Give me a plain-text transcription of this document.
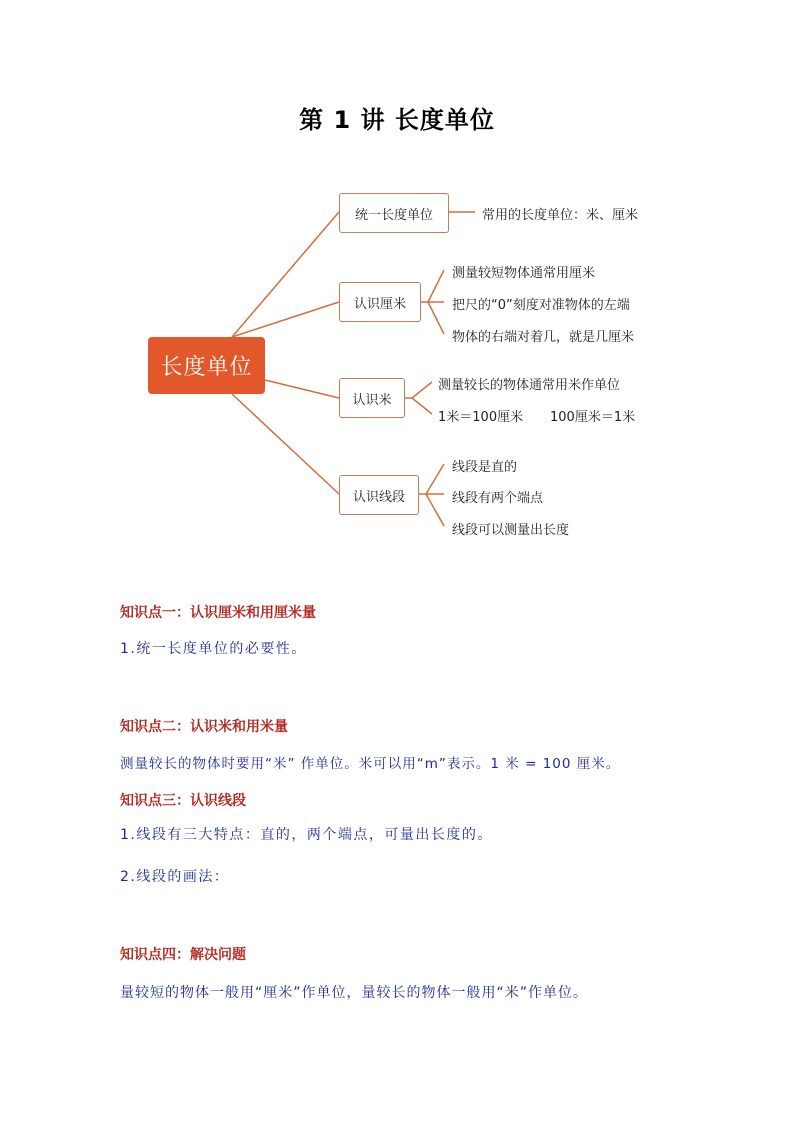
第 1 讲 长度单位
长度单位
统一长度单位
认识厘米
认识米
认识线段
常用的长度单位：米、厘米
测量较短物体通常用厘米
把尺的“0”刻度对准物体的左端
物体的右端对着几，就是几厘米
测量较长的物体通常用米作单位
1米＝100厘米 100厘米＝1米
线段是直的
线段有两个端点
线段可以测量出长度
知识点一：认识厘米和用厘米量
1.统一长度单位的必要性。
知识点二：认识米和用米量
测量较长的物体时要用“米” 作单位。米可以用“m”表示。1 米 = 100 厘米。
知识点三：认识线段
1.线段有三大特点：直的，两个端点，可量出长度的。
2.线段的画法：
知识点四：解决问题
量较短的物体一般用“厘米”作单位，量较长的物体一般用“米”作单位。
